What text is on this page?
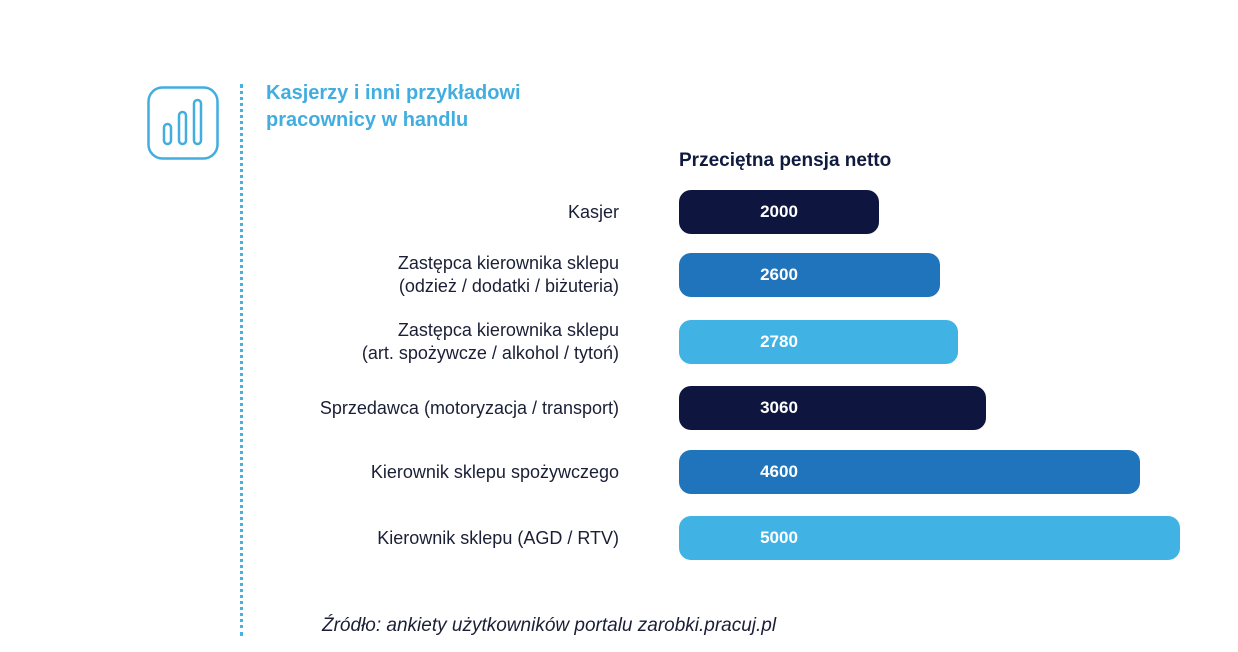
Kasjerzy i inni przykładowi pracownicy w handlu
Przeciętna pensja netto
2000
Kasjer
2600
Zastępca kierownika sklepu
(odzież / dodatki / biżuteria)
2780
Zastępca kierownika sklepu
(art. spożywcze / alkohol / tytoń)
3060
Sprzedawca (motoryzacja / transport)
4600
Kierownik sklepu spożywczego
5000
Kierownik sklepu (AGD / RTV)
Źródło: ankiety użytkowników portalu zarobki.pracuj.pl
